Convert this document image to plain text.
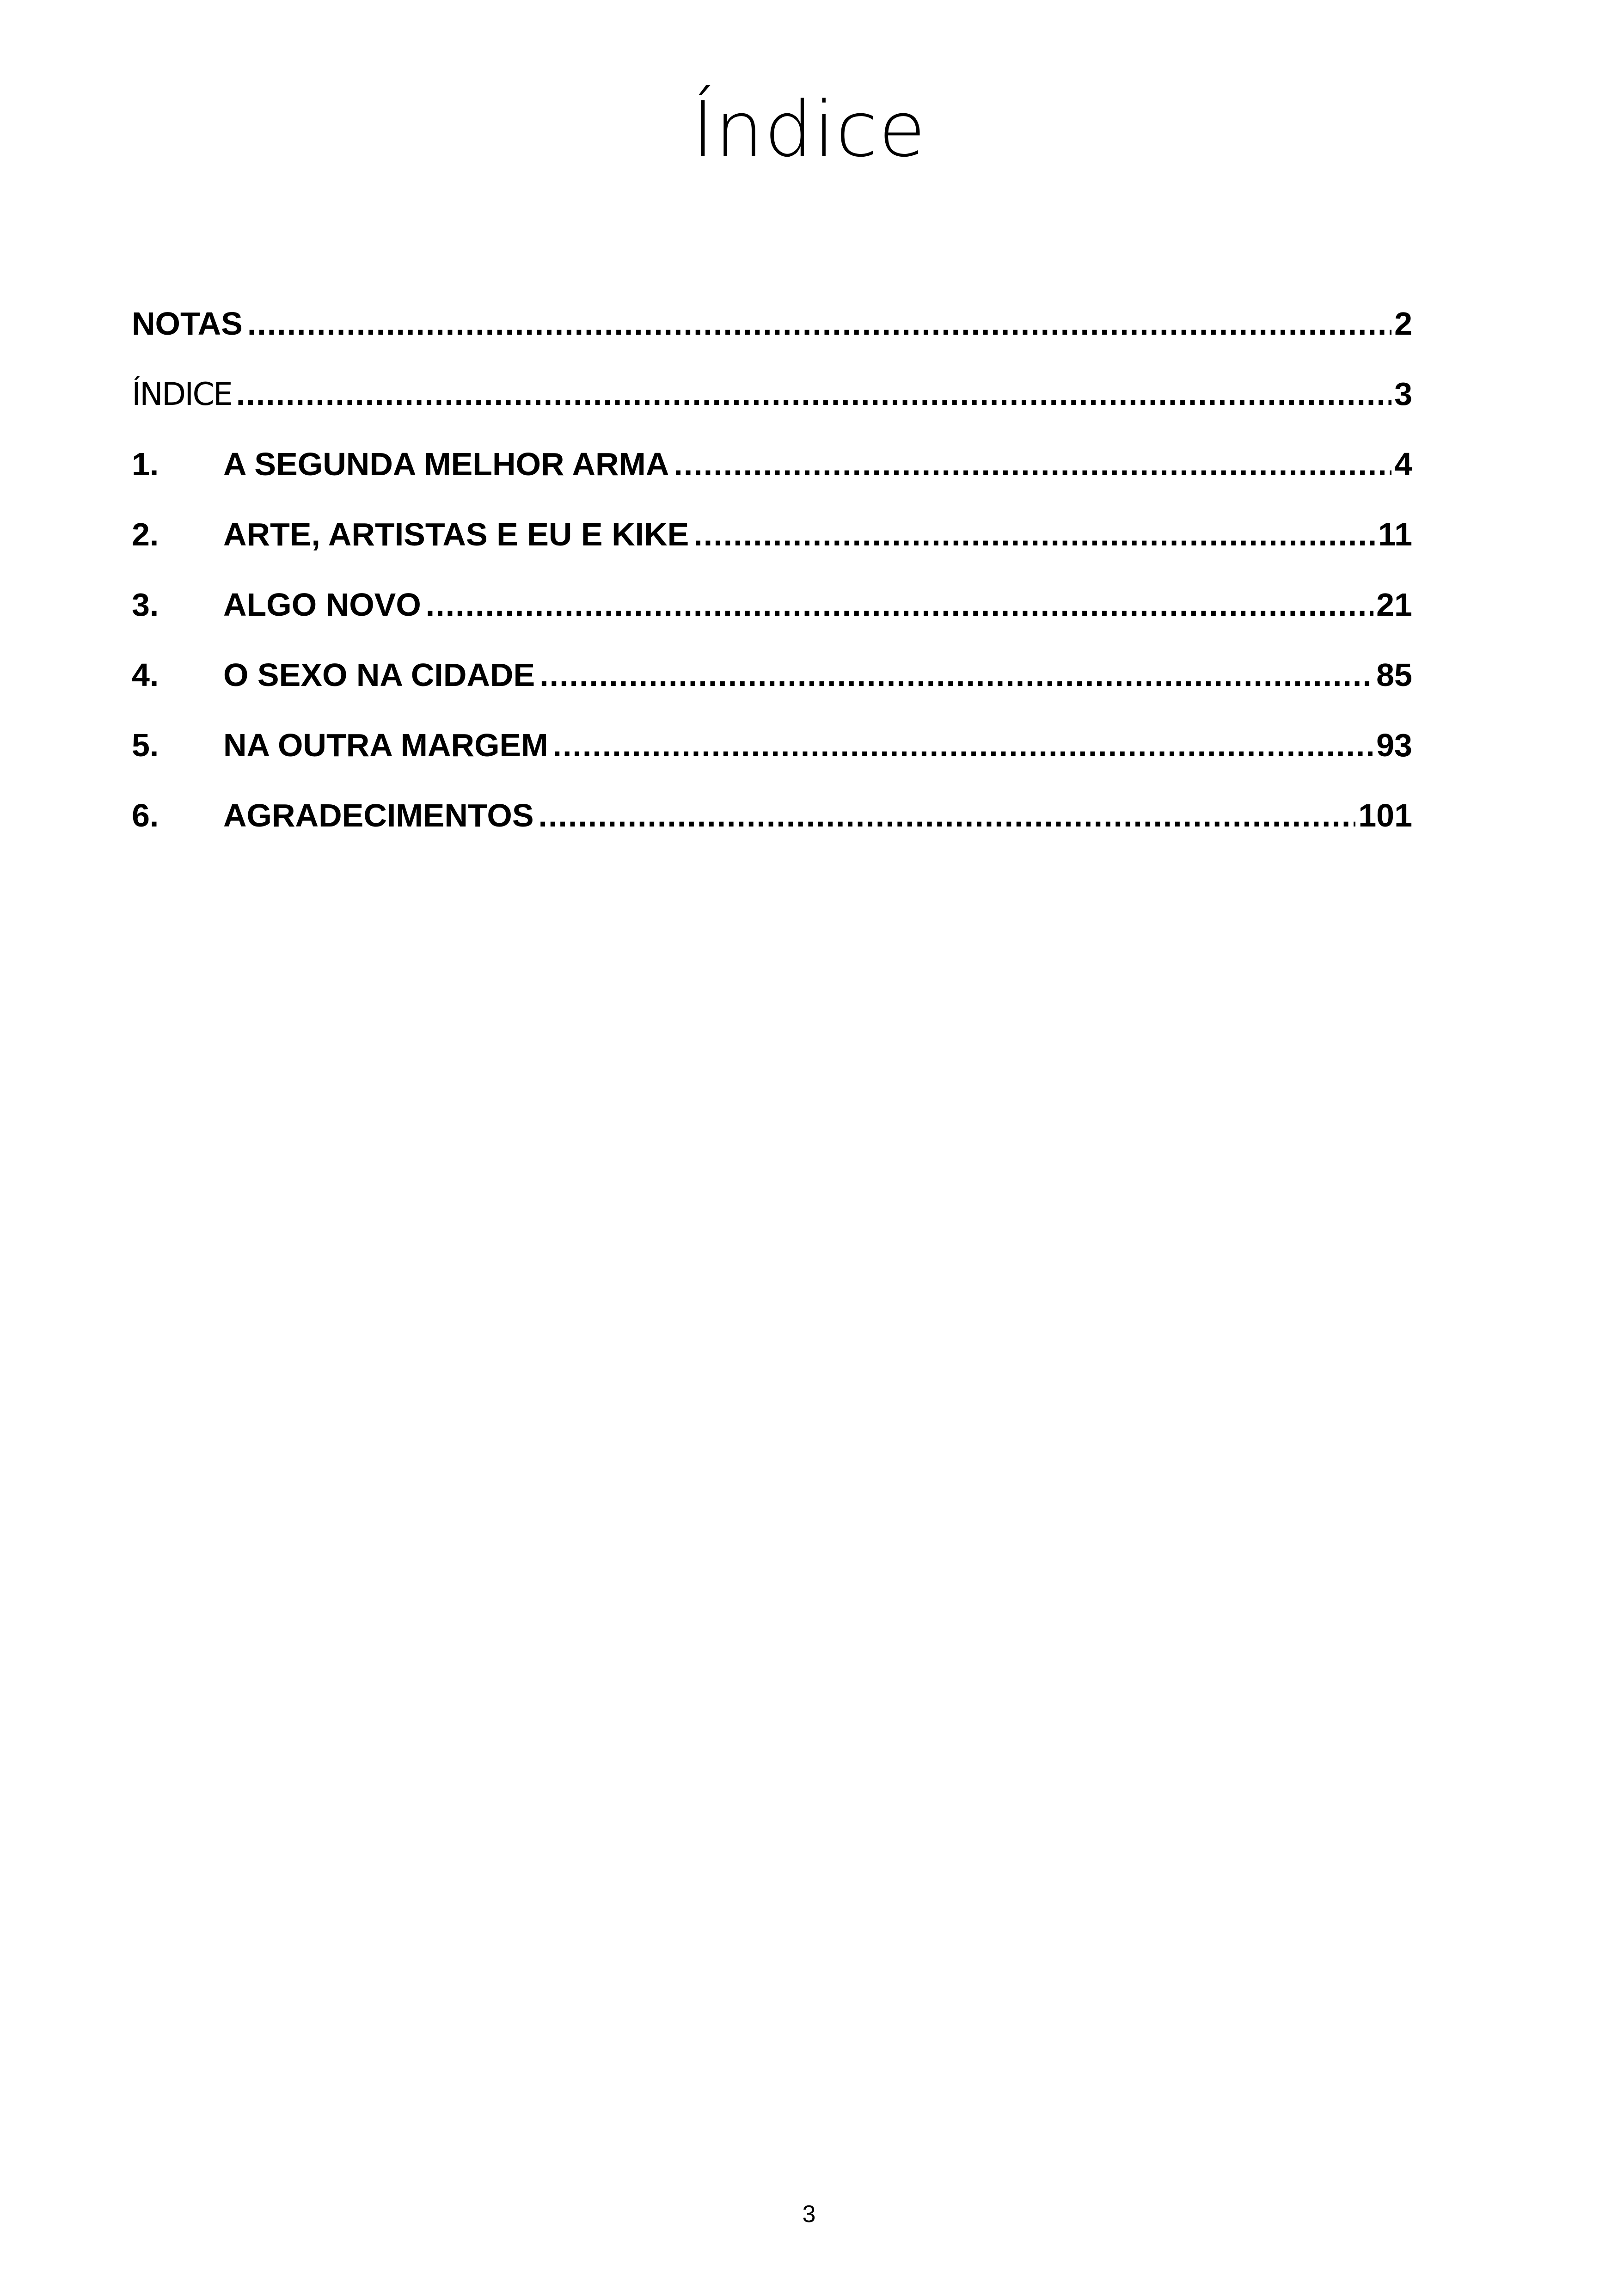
Índice
NOTAS .....	2
ÍNDICE .....	3
1.	A SEGUNDA MELHOR ARMA .....	4
2.	ARTE, ARTISTAS E EU E KIKE .....	11
3.	ALGO NOVO .....	21
4.	O SEXO NA CIDADE .....	85
5.	NA OUTRA MARGEM .....	93
6.	AGRADECIMENTOS .....	101
3
